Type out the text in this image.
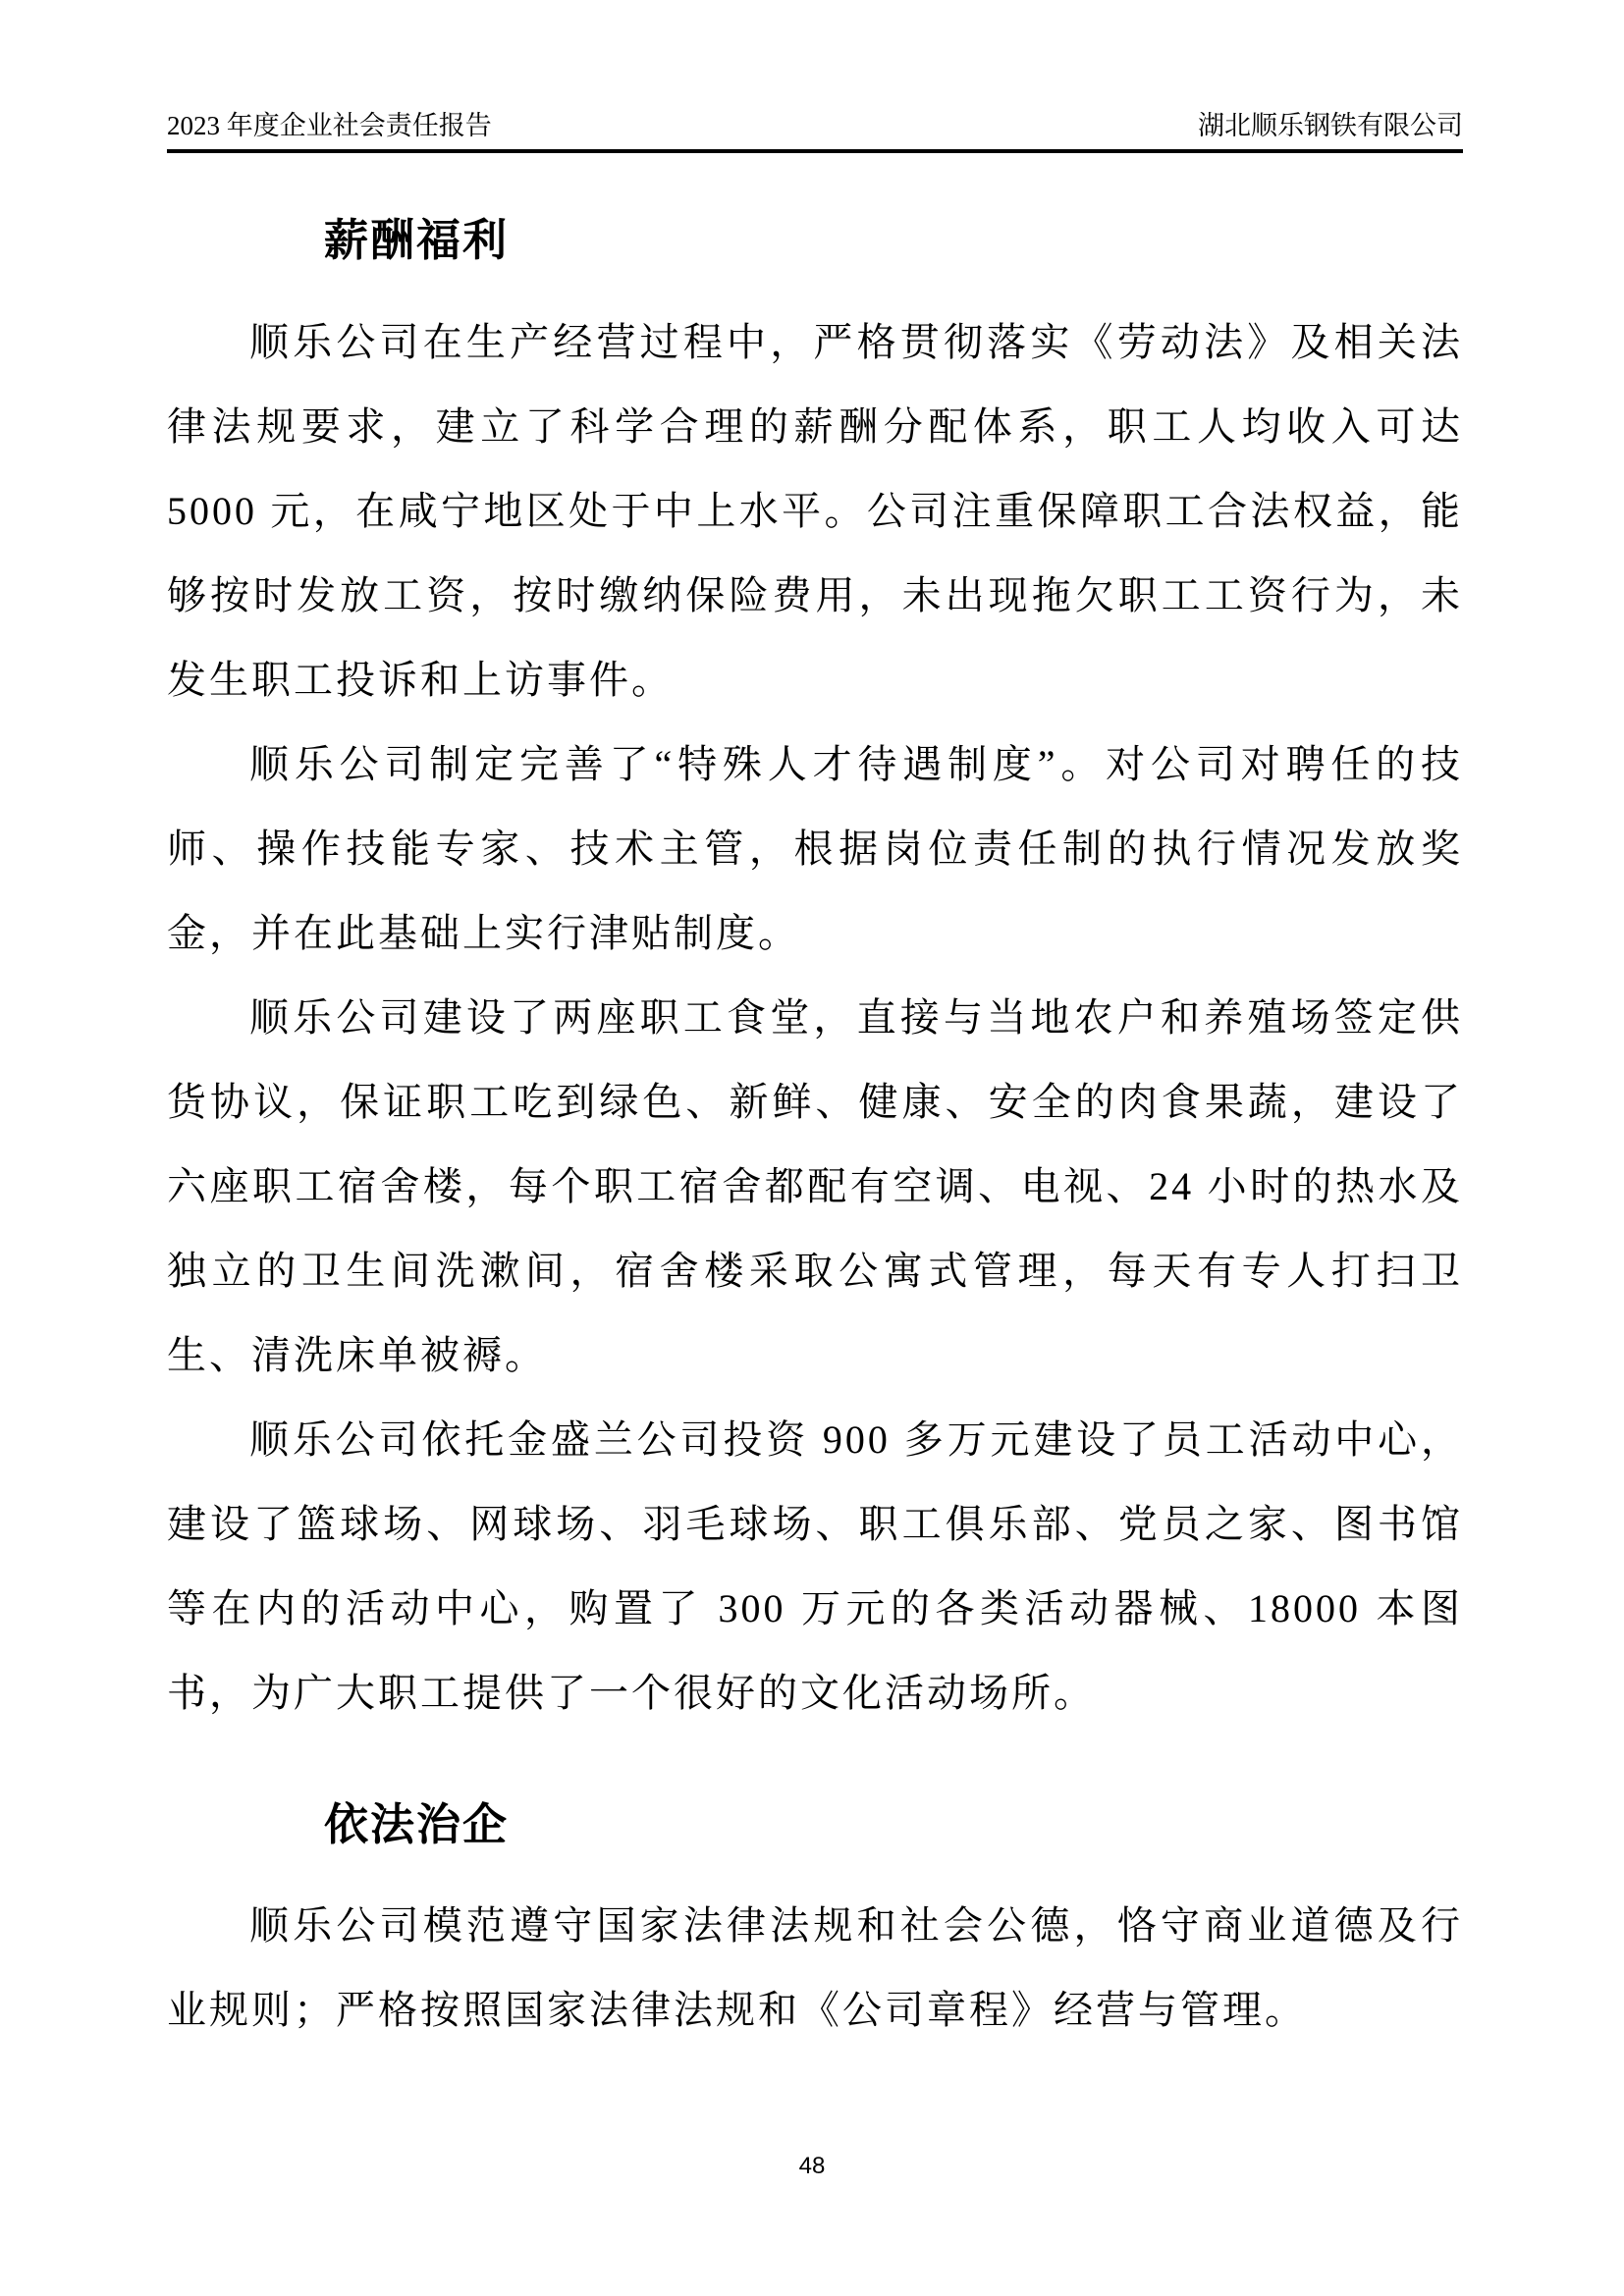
2023 年度企业社会责任报告	湖北顺乐钢铁有限公司
薪酬福利

顺乐公司在生产经营过程中，严格贯彻落实《劳动法》及相关法律法规要求，建立了科学合理的薪酬分配体系，职工人均收入可达 5000 元，在咸宁地区处于中上水平。公司注重保障职工合法权益，能够按时发放工资，按时缴纳保险费用，未出现拖欠职工工资行为，未发生职工投诉和上访事件。

顺乐公司制定完善了“特殊人才待遇制度”。对公司对聘任的技师、操作技能专家、技术主管，根据岗位责任制的执行情况发放奖金，并在此基础上实行津贴制度。

顺乐公司建设了两座职工食堂，直接与当地农户和养殖场签定供货协议，保证职工吃到绿色、新鲜、健康、安全的肉食果蔬，建设了六座职工宿舍楼，每个职工宿舍都配有空调、电视、24 小时的热水及独立的卫生间洗漱间，宿舍楼采取公寓式管理，每天有专人打扫卫生、清洗床单被褥。

顺乐公司依托金盛兰公司投资 900 多万元建设了员工活动中心，建设了篮球场、网球场、羽毛球场、职工俱乐部、党员之家、图书馆等在内的活动中心，购置了 300 万元的各类活动器械、18000 本图书，为广大职工提供了一个很好的文化活动场所。

依法治企

顺乐公司模范遵守国家法律法规和社会公德，恪守商业道德及行业规则；严格按照国家法律法规和《公司章程》经营与管理。

48
